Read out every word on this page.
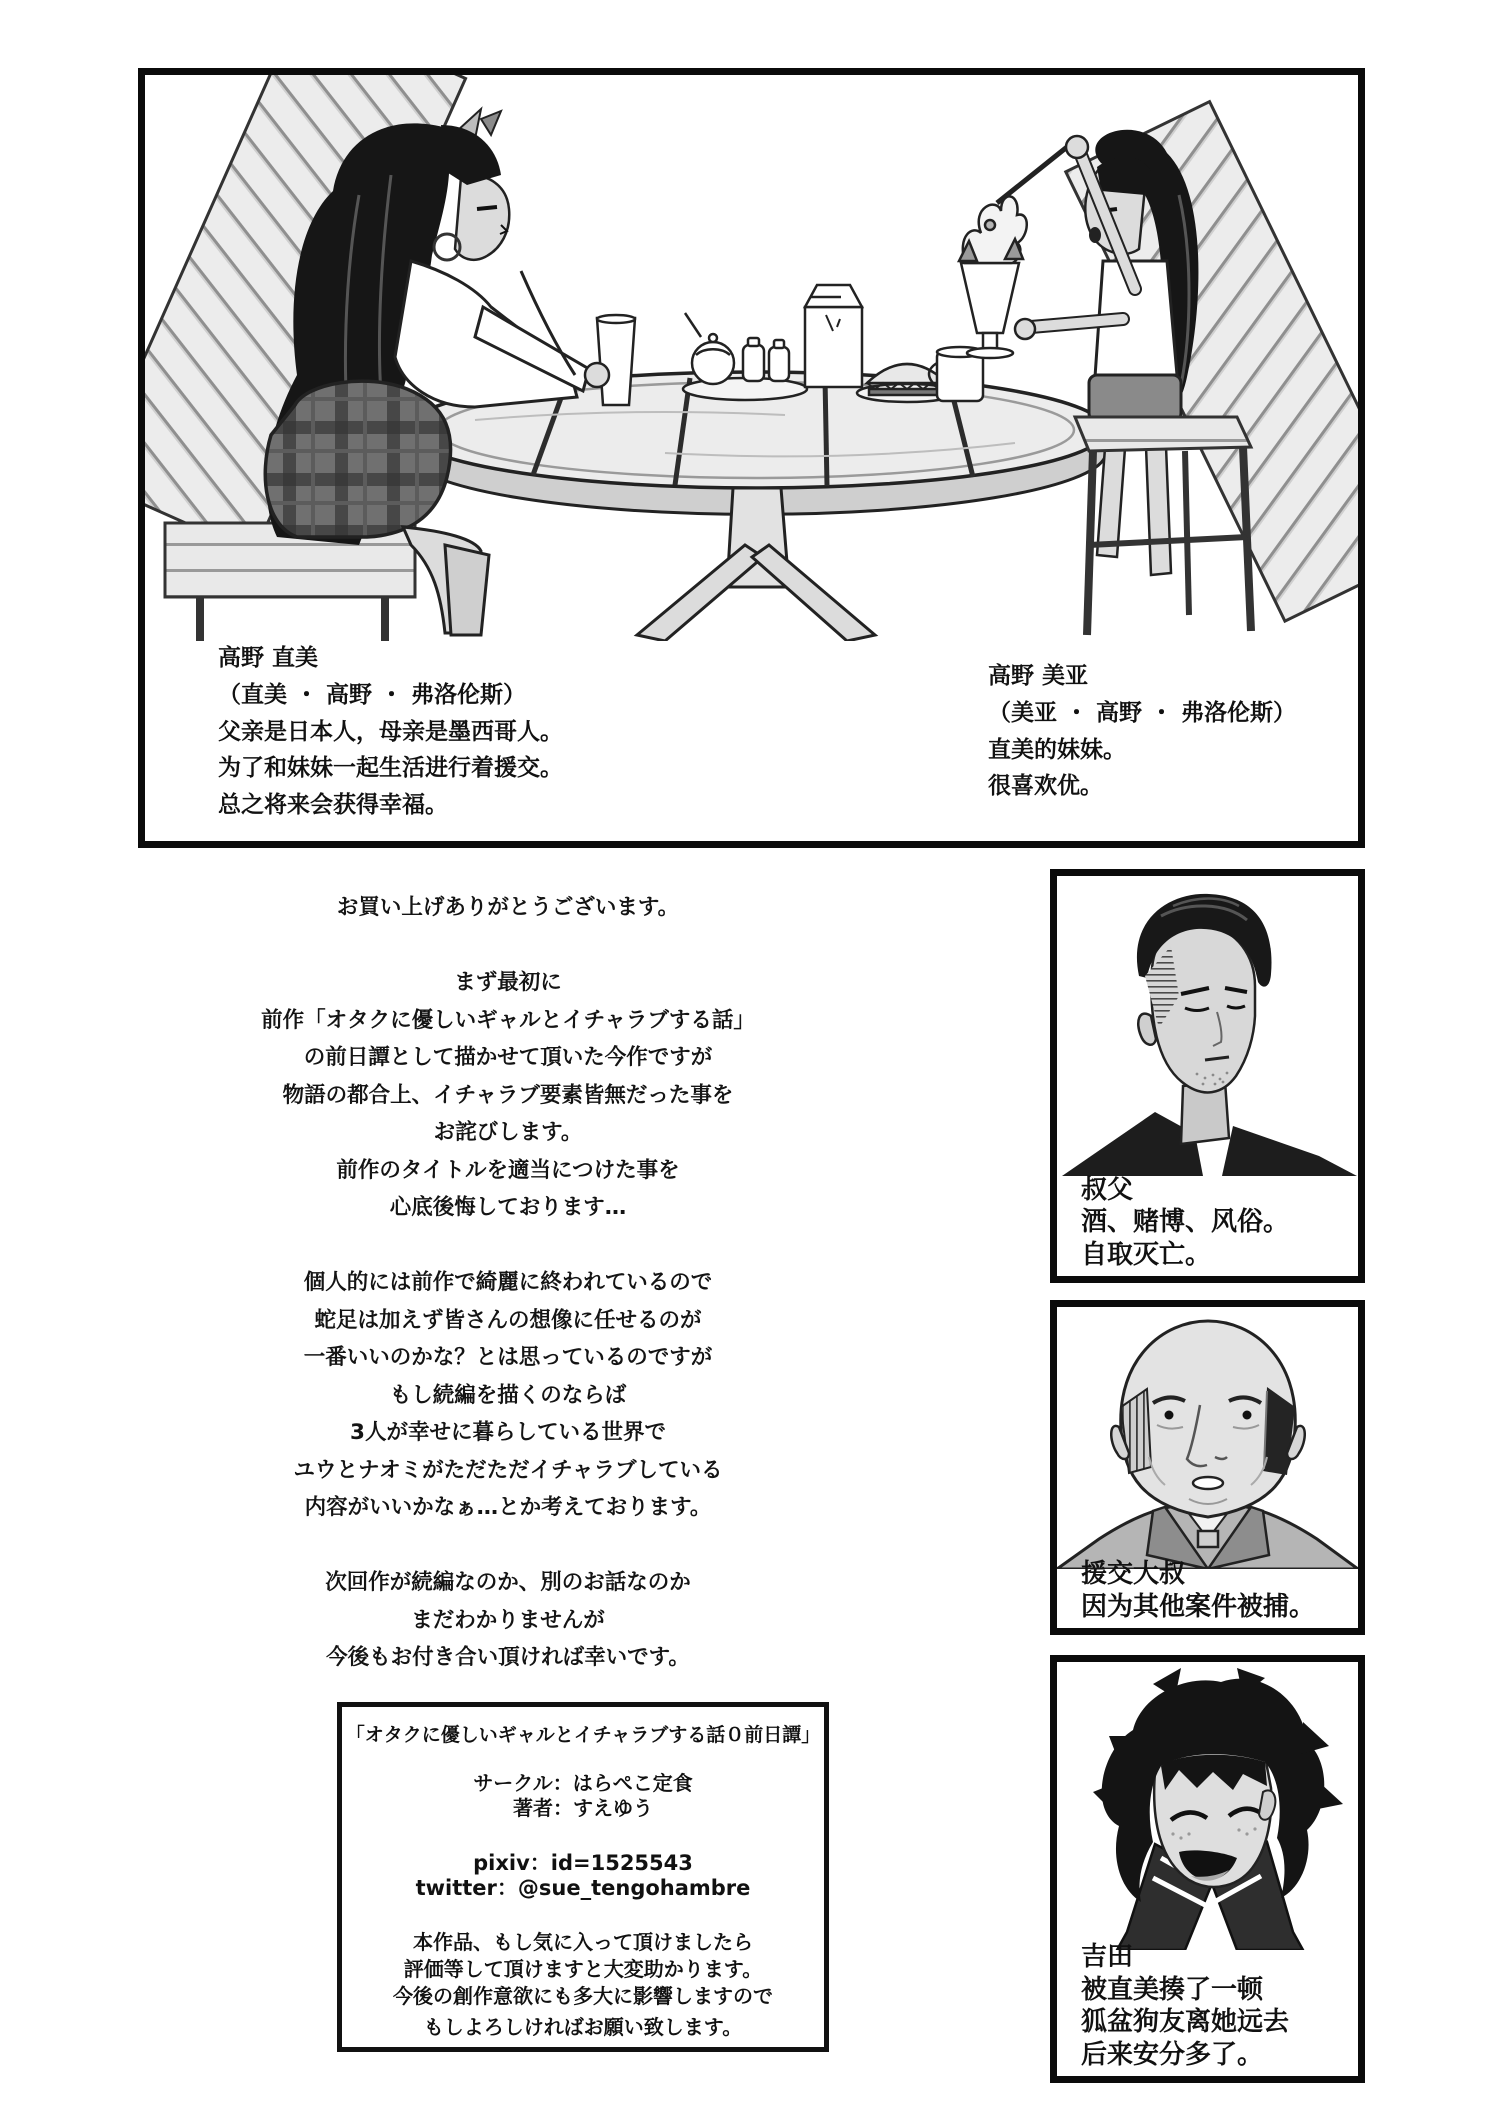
高野 直美
（直美 ・ 高野 ・ 弗洛伦斯）
父亲是日本人，母亲是墨西哥人。
为了和妹妹一起生活进行着援交。
总之将来会获得幸福。
高野 美亚
（美亚 ・ 高野 ・ 弗洛伦斯）
直美的妹妹。
很喜欢优。
お買い上げありがとうございます。
まず最初に
前作「オタクに優しいギャルとイチャラブする話」
の前日譚として描かせて頂いた今作ですが
物語の都合上、イチャラブ要素皆無だった事を
お詫びします。
前作のタイトルを適当につけた事を
心底後悔しております…
個人的には前作で綺麗に終われているので
蛇足は加えず皆さんの想像に任せるのが
一番いいのかな？とは思っているのですが
もし続編を描くのならば
3人が幸せに暮らしている世界で
ユウとナオミがただただイチャラブしている
内容がいいかなぁ…とか考えております。
次回作が続編なのか、別のお話なのか
まだわかりませんが
今後もお付き合い頂ければ幸いです。
「オタクに優しいギャルとイチャラブする話０前日譚」
サークル：はらぺこ定食
著者：すえゆう
pixiv：id=1525543
twitter：@sue_tengohambre
本作品、もし気に入って頂けましたら
評価等して頂けますと大変助かります。
今後の創作意欲にも多大に影響しますので
もしよろしければお願い致します。
叔父
酒、赌博、风俗。
自取灭亡。
援交大叔
因为其他案件被捕。
吉田
被直美揍了一顿
狐盆狗友离她远去
后来安分多了。
